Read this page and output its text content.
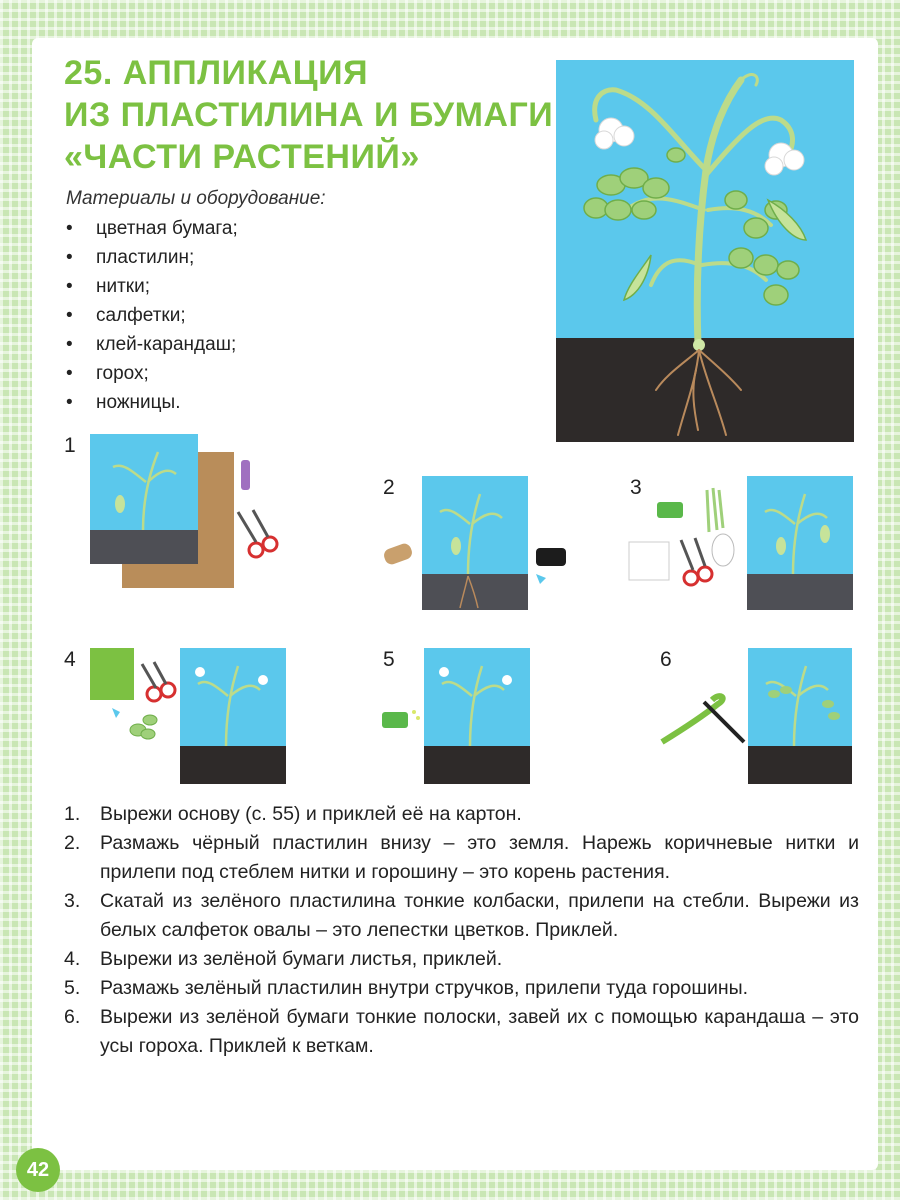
25. АППЛИКАЦИЯ
ИЗ ПЛАСТИЛИНА И БУМАГИ
«ЧАСТИ РАСТЕНИЙ»
Материалы и оборудование:
• цветная бумага;
• пластилин;
• нитки;
• салфетки;
• клей-карандаш;
• горох;
• ножницы.
1
2	3
4	5	6
1. Вырежи основу (с. 55) и приклей её на картон.
2. Размажь чёрный пластилин внизу – это земля. Нарежь коричневые нитки и прилепи под стеблем нитки и горошину – это корень растения.
3. Скатай из зелёного пластилина тонкие колбаски, прилепи на стебли. Вырежи из белых салфеток овалы – это лепестки цветков. Приклей.
4. Вырежи из зелёной бумаги листья, приклей.
5. Размажь зелёный пластилин внутри стручков, прилепи туда горошины.
6. Вырежи из зелёной бумаги тонкие полоски, завей их с помощью карандаша – это усы гороха. Приклей к веткам.
42
